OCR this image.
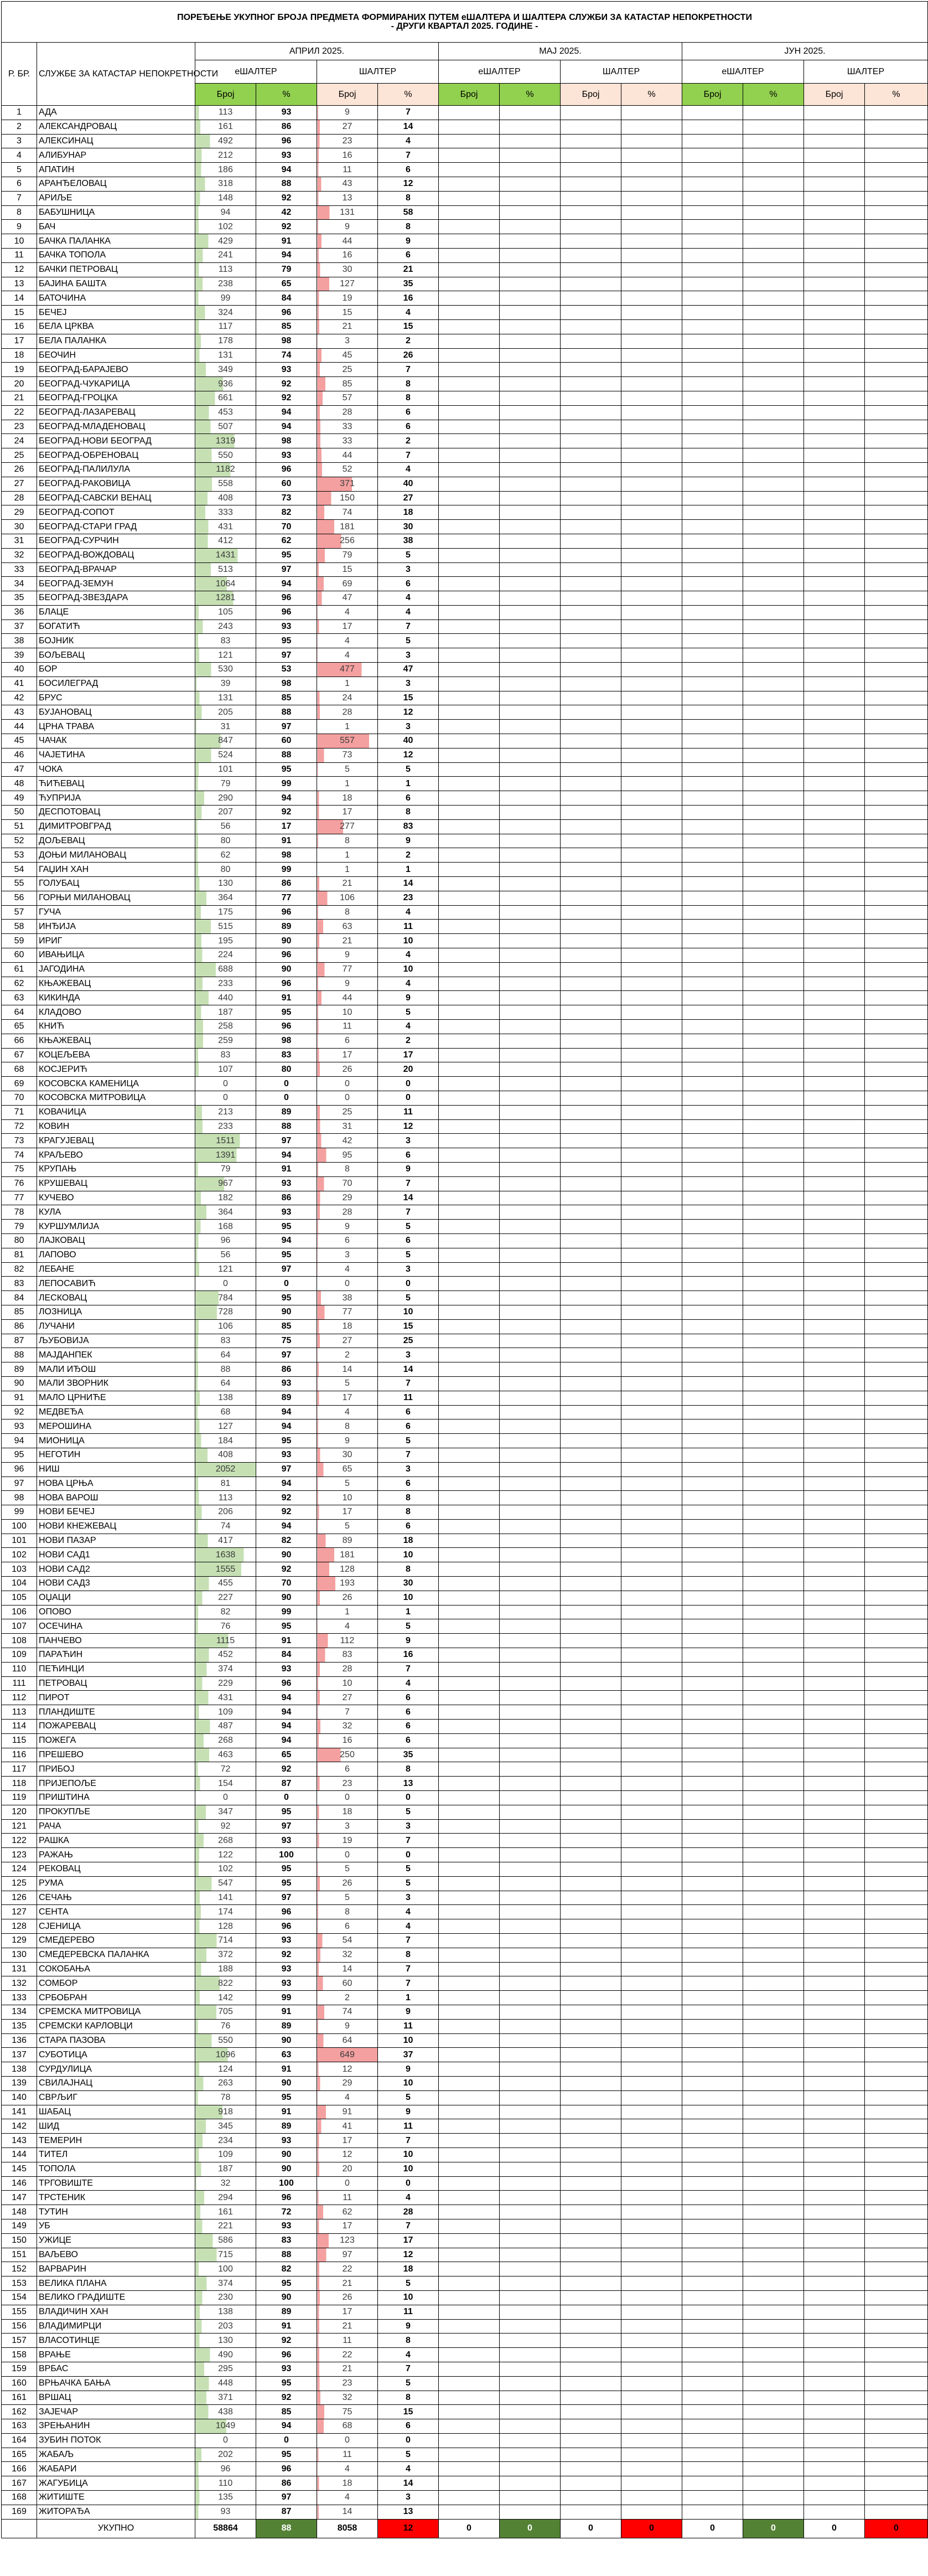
ПОРЕЂЕЊЕ УКУПНОГ БРОЈА ПРЕДМЕТА ФОРМИРАНИХ ПУТЕМ еШАЛТЕРА И ШАЛТЕРА СЛУЖБИ ЗА КАТАСТАР НЕПОКРЕТНОСТИ
- ДРУГИ КВАРТАЛ 2025. ГОДИНЕ -													

Р. БР.	СЛУЖБЕ ЗА КАТАСТАР НЕПОКРЕТНОСТИ	АПРИЛ 2025.				МАЈ 2025.				ЈУН 2025.			
		еШАЛТЕР		ШАЛТЕР		еШАЛТЕР		ШАЛТЕР		еШАЛТЕР		ШАЛТЕР	
		Број	%	Број	%	Број	%	Број	%	Број	%	Број	%
1	АДА	113	93	9	7								
2	АЛЕКСАНДРОВАЦ	161	86	27	14								
3	АЛЕКСИНАЦ	492	96	23	4								
4	АЛИБУНАР	212	93	16	7								
5	АПАТИН	186	94	11	6								
6	АРАНЂЕЛОВАЦ	318	88	43	12								
7	АРИЉЕ	148	92	13	8								
8	БАБУШНИЦА	94	42	131	58								
9	БАЧ	102	92	9	8								
10	БАЧКА ПАЛАНКА	429	91	44	9								
11	БАЧКА ТОПОЛА	241	94	16	6								
12	БАЧКИ ПЕТРОВАЦ	113	79	30	21								
13	БАЈИНА БАШТА	238	65	127	35								
14	БАТОЧИНА	99	84	19	16								
15	БЕЧЕЈ	324	96	15	4								
16	БЕЛА ЦРКВА	117	85	21	15								
17	БЕЛА ПАЛАНКА	178	98	3	2								
18	БЕОЧИН	131	74	45	26								
19	БЕОГРАД-БАРАЈЕВО	349	93	25	7								
20	БЕОГРАД-ЧУКАРИЦА	936	92	85	8								
21	БЕОГРАД-ГРОЦКА	661	92	57	8								
22	БЕОГРАД-ЛАЗАРЕВАЦ	453	94	28	6								
23	БЕОГРАД-МЛАДЕНОВАЦ	507	94	33	6								
24	БЕОГРАД-НОВИ БЕОГРАД	1319	98	33	2								
25	БЕОГРАД-ОБРЕНОВАЦ	550	93	44	7								
26	БЕОГРАД-ПАЛИЛУЛА	1182	96	52	4								
27	БЕОГРАД-РАКОВИЦА	558	60	371	40								
28	БЕОГРАД-САВСКИ ВЕНАЦ	408	73	150	27								
29	БЕОГРАД-СОПОТ	333	82	74	18								
30	БЕОГРАД-СТАРИ ГРАД	431	70	181	30								
31	БЕОГРАД-СУРЧИН	412	62	256	38								
32	БЕОГРАД-ВОЖДОВАЦ	1431	95	79	5								
33	БЕОГРАД-ВРАЧАР	513	97	15	3								
34	БЕОГРАД-ЗЕМУН	1064	94	69	6								
35	БЕОГРАД-ЗВЕЗДАРА	1281	96	47	4								
36	БЛАЦЕ	105	96	4	4								
37	БОГАТИЋ	243	93	17	7								
38	БОЈНИК	83	95	4	5								
39	БОЉЕВАЦ	121	97	4	3								
40	БОР	530	53	477	47								
41	БОСИЛЕГРАД	39	98	1	3								
42	БРУС	131	85	24	15								
43	БУЈАНОВАЦ	205	88	28	12								
44	ЦРНА ТРАВА	31	97	1	3								
45	ЧАЧАК	847	60	557	40								
46	ЧАЈЕТИНА	524	88	73	12								
47	ЧОКА	101	95	5	5								
48	ЋИЋЕВАЦ	79	99	1	1								
49	ЋУПРИЈА	290	94	18	6								
50	ДЕСПОТОВАЦ	207	92	17	8								
51	ДИМИТРОВГРАД	56	17	277	83								
52	ДОЉЕВАЦ	80	91	8	9								
53	ДОЊИ МИЛАНОВАЦ	62	98	1	2								
54	ГАЏИН ХАН	80	99	1	1								
55	ГОЛУБАЦ	130	86	21	14								
56	ГОРЊИ МИЛАНОВАЦ	364	77	106	23								
57	ГУЧА	175	96	8	4								
58	ИНЂИЈА	515	89	63	11								
59	ИРИГ	195	90	21	10								
60	ИВАЊИЦА	224	96	9	4								
61	ЈАГОДИНА	688	90	77	10								
62	КЊАЖЕВАЦ	233	96	9	4								
63	КИКИНДА	440	91	44	9								
64	КЛАДОВО	187	95	10	5								
65	КНИЋ	258	96	11	4								
66	КЊАЖЕВАЦ	259	98	6	2								
67	КОЦЕЉЕВА	83	83	17	17								
68	КОСЈЕРИЋ	107	80	26	20								
69	КОСОВСКА КАМЕНИЦА	0	0	0	0								
70	КОСОВСКА МИТРОВИЦА	0	0	0	0								
71	КОВАЧИЦА	213	89	25	11								
72	КОВИН	233	88	31	12								
73	КРАГУЈЕВАЦ	1511	97	42	3								
74	КРАЉЕВО	1391	94	95	6								
75	КРУПАЊ	79	91	8	9								
76	КРУШЕВАЦ	967	93	70	7								
77	КУЧЕВО	182	86	29	14								
78	КУЛА	364	93	28	7								
79	КУРШУМЛИЈА	168	95	9	5								
80	ЛАЈКОВАЦ	96	94	6	6								
81	ЛАПОВО	56	95	3	5								
82	ЛЕБАНЕ	121	97	4	3								
83	ЛЕПОСАВИЋ	0	0	0	0								
84	ЛЕСКОВАЦ	784	95	38	5								
85	ЛОЗНИЦА	728	90	77	10								
86	ЛУЧАНИ	106	85	18	15								
87	ЉУБОВИЈА	83	75	27	25								
88	МАЈДАНПЕК	64	97	2	3								
89	МАЛИ ИЂОШ	88	86	14	14								
90	МАЛИ ЗВОРНИК	64	93	5	7								
91	МАЛО ЦРНИЋЕ	138	89	17	11								
92	МЕДВЕЂА	68	94	4	6								
93	МЕРОШИНА	127	94	8	6								
94	МИОНИЦА	184	95	9	5								
95	НЕГОТИН	408	93	30	7								
96	НИШ	2052	97	65	3								
97	НОВА ЦРЊА	81	94	5	6								
98	НОВА ВАРОШ	113	92	10	8								
99	НОВИ БЕЧЕЈ	206	92	17	8								
100	НОВИ КНЕЖЕВАЦ	74	94	5	6								
101	НОВИ ПАЗАР	417	82	89	18								
102	НОВИ САД1	1638	90	181	10								
103	НОВИ САД2	1555	92	128	8								
104	НОВИ САД3	455	70	193	30								
105	ОЏАЦИ	227	90	26	10								
106	ОПОВО	82	99	1	1								
107	ОСЕЧИНА	76	95	4	5								
108	ПАНЧЕВО	1115	91	112	9								
109	ПАРАЋИН	452	84	83	16								
110	ПЕЋИНЦИ	374	93	28	7								
111	ПЕТРОВАЦ	229	96	10	4								
112	ПИРОТ	431	94	27	6								
113	ПЛАНДИШТЕ	109	94	7	6								
114	ПОЖАРЕВАЦ	487	94	32	6								
115	ПОЖЕГА	268	94	16	6								
116	ПРЕШЕВО	463	65	250	35								
117	ПРИБОЈ	72	92	6	8								
118	ПРИЈЕПОЉЕ	154	87	23	13								
119	ПРИШТИНА	0	0	0	0								
120	ПРОКУПЉЕ	347	95	18	5								
121	РАЧА	92	97	3	3								
122	РАШКА	268	93	19	7								
123	РАЖАЊ	122	100	0	0								
124	РЕКОВАЦ	102	95	5	5								
125	РУМА	547	95	26	5								
126	СЕЧАЊ	141	97	5	3								
127	СЕНТА	174	96	8	4								
128	СЈЕНИЦА	128	96	6	4								
129	СМЕДЕРЕВО	714	93	54	7								
130	СМЕДЕРЕВСКА ПАЛАНКА	372	92	32	8								
131	СОКОБАЊА	188	93	14	7								
132	СОМБОР	822	93	60	7								
133	СРБОБРАН	142	99	2	1								
134	СРЕМСКА МИТРОВИЦА	705	91	74	9								
135	СРЕМСКИ КАРЛОВЦИ	76	89	9	11								
136	СТАРА ПАЗОВА	550	90	64	10								
137	СУБОТИЦА	1096	63	649	37								
138	СУРДУЛИЦА	124	91	12	9								
139	СВИЛАЈНАЦ	263	90	29	10								
140	СВРЉИГ	78	95	4	5								
141	ШАБАЦ	918	91	91	9								
142	ШИД	345	89	41	11								
143	ТЕМЕРИН	234	93	17	7								
144	ТИТЕЛ	109	90	12	10								
145	ТОПОЛА	187	90	20	10								
146	ТРГОВИШТЕ	32	100	0	0								
147	ТРСТЕНИК	294	96	11	4								
148	ТУТИН	161	72	62	28								
149	УБ	221	93	17	7								
150	УЖИЦЕ	586	83	123	17								
151	ВАЉЕВО	715	88	97	12								
152	ВАРВАРИН	100	82	22	18								
153	ВЕЛИКА ПЛАНА	374	95	21	5								
154	ВЕЛИКО ГРАДИШТЕ	230	90	26	10								
155	ВЛАДИЧИН ХАН	138	89	17	11								
156	ВЛАДИМИРЦИ	203	91	21	9								
157	ВЛАСОТИНЦЕ	130	92	11	8								
158	ВРАЊЕ	490	96	22	4								
159	ВРБАС	295	93	21	7								
160	ВРЊАЧКА БАЊА	448	95	23	5								
161	ВРШАЦ	371	92	32	8								
162	ЗАЈЕЧАР	438	85	75	15								
163	ЗРЕЊАНИН	1049	94	68	6								
164	ЗУБИН ПОТОК	0	0	0	0								
165	ЖАБАЉ	202	95	11	5								
166	ЖАБАРИ	96	96	4	4								
167	ЖАГУБИЦА	110	86	18	14								
168	ЖИТИШТЕ	135	97	4	3								
169	ЖИТОРАЂА	93	87	14	13								
	УКУПНО	58864	88	8058	12	0	0	0	0	0	0	0	0
